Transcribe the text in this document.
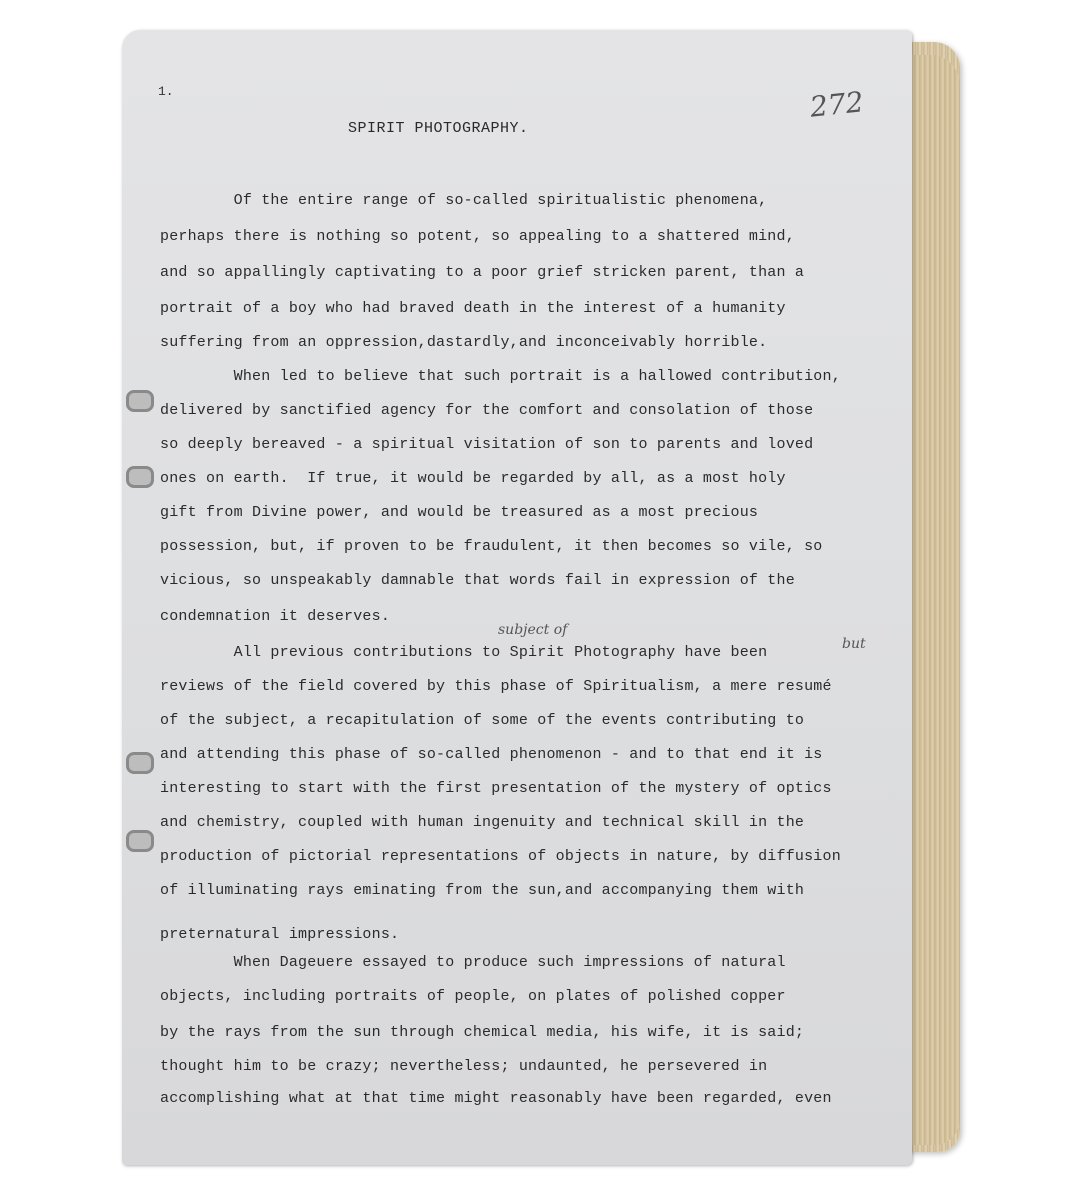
1.	272
SPIRIT PHOTOGRAPHY.
Of the entire range of so-called spiritualistic phenomena,
perhaps there is nothing so potent, so appealing to a shattered mind,
and so appallingly captivating to a poor grief stricken parent, than a
portrait of a boy who had braved death in the interest of a humanity
suffering from an oppression,dastardly,and inconceivably horrible.
When led to believe that such portrait is a hallowed contribution,
delivered by sanctified agency for the comfort and consolation of those
so deeply bereaved - a spiritual visitation of son to parents and loved
ones on earth.  If true, it would be regarded by all, as a most holy
gift from Divine power, and would be treasured as a most precious
possession, but, if proven to be fraudulent, it then becomes so vile, so
vicious, so unspeakably damnable that words fail in expression of the
condemnation it deserves.
All previous contributions to Spirit Photography have been
reviews of the field covered by this phase of Spiritualism, a mere resumé
of the subject, a recapitulation of some of the events contributing to
and attending this phase of so-called phenomenon - and to that end it is
interesting to start with the first presentation of the mystery of optics
and chemistry, coupled with human ingenuity and technical skill in the
production of pictorial representations of objects in nature, by diffusion
of illuminating rays eminating from the sun,and accompanying them with
preternatural impressions.
When Dageuere essayed to produce such impressions of natural
objects, including portraits of people, on plates of polished copper
by the rays from the sun through chemical media, his wife, it is said;
thought him to be crazy; nevertheless; undaunted, he persevered in
accomplishing what at that time might reasonably have been regarded, even
subject of
but
